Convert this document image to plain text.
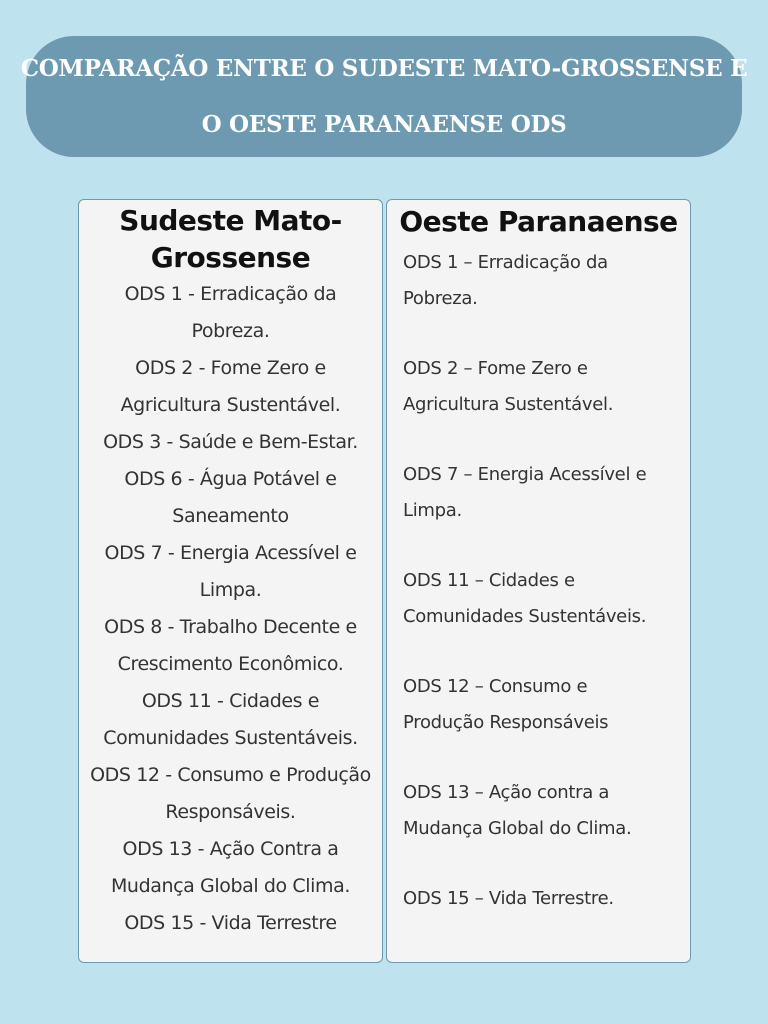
COMPARAÇÃO ENTRE O SUDESTE MATO-GROSSENSE E
O OESTE PARANAENSE ODS
Sudeste Mato-
Grossense
ODS 1 - Erradicação da
Pobreza.
ODS 2 - Fome Zero e
Agricultura Sustentável.
ODS 3 - Saúde e Bem-Estar.
ODS 6 - Água Potável e
Saneamento
ODS 7 - Energia Acessível e
Limpa.
ODS 8 - Trabalho Decente e
Crescimento Econômico.
ODS 11 - Cidades e
Comunidades Sustentáveis.
ODS 12 - Consumo e Produção
Responsáveis.
ODS 13 - Ação Contra a
Mudança Global do Clima.
ODS 15 - Vida Terrestre
Oeste Paranaense
ODS 1 – Erradicação da
Pobreza.
ODS 2 – Fome Zero e
Agricultura Sustentável.
ODS 7 – Energia Acessível e
Limpa.
ODS 11 – Cidades e
Comunidades Sustentáveis.
ODS 12 – Consumo e
Produção Responsáveis
ODS 13 – Ação contra a
Mudança Global do Clima.
ODS 15 – Vida Terrestre.
